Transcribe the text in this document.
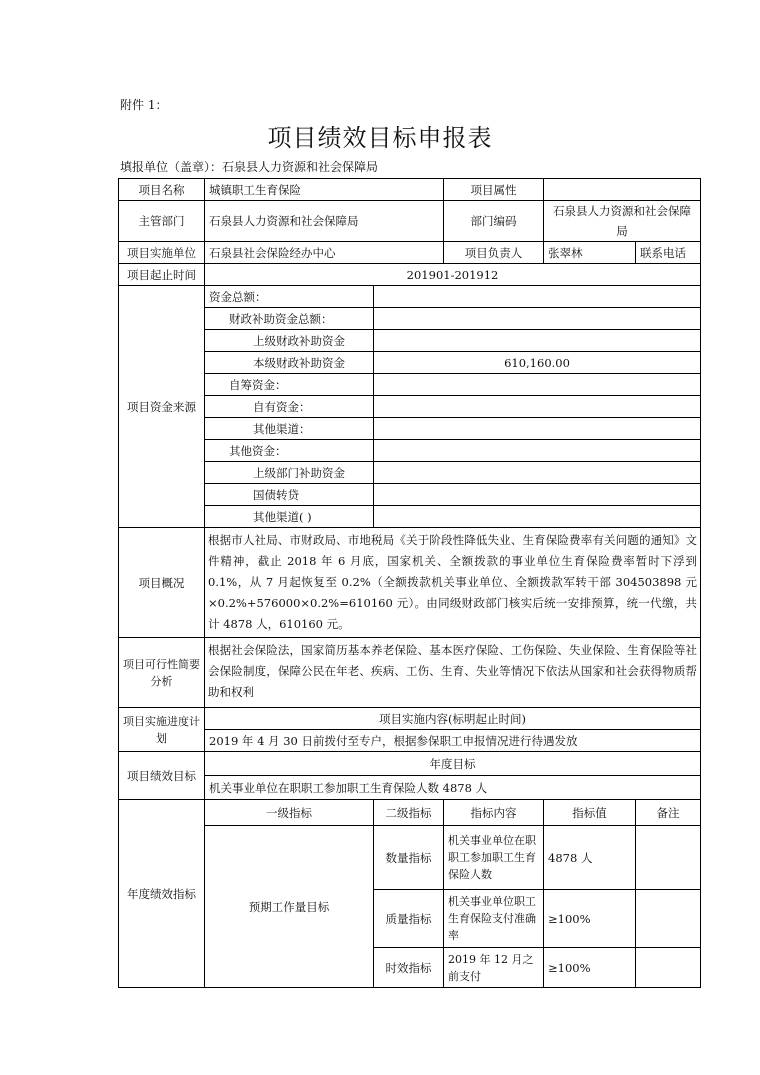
附件 1：
项目绩效目标申报表
填报单位（盖章）：石泉县人力资源和社会保障局
项目名称	城镇职工生育保险		项目属性		
主管部门	石泉县人力资源和社会保障局		部门编码	石泉县人力资源和社会保障局	
项目实施单位	石泉县社会保险经办中心		项目负责人	张翠林	联系电话
项目起止时间	201901-201912				
项目资金来源	资金总额：				
	财政补助资金总额：				
	上级财政补助资金				
	本级财政补助资金	610,160.00			
	自筹资金：				
	自有资金：				
	其他渠道：				
	其他资金：				
	上级部门补助资金				
	国债转贷				
	其他渠道( )				
项目概况	根据市人社局、市财政局、市地税局《关于阶段性降低失业、生育保险费率有关问题的通知》文件精神，截止 2018 年 6 月底，国家机关、全额拨款的事业单位生育保险费率暂时下浮到 0.1%，从 7 月起恢复至 0.2%（全额拨款机关事业单位、全额拨款军转干部 304503898 元×0.2%+576000×0.2%=610160 元）。由同级财政部门核实后统一安排预算，统一代缴，共计 4878 人，610160 元。				
项目可行性简要分析	根据社会保险法，国家简历基本养老保险、基本医疗保险、工伤保险、失业保险、生育保险等社会保险制度，保障公民在年老、疾病、工伤、生育、失业等情况下依法从国家和社会获得物质帮助和权利				
项目实施进度计划	项目实施内容(标明起止时间)				
	2019 年 4 月 30 日前拨付至专户，根据参保职工申报情况进行待遇发放				
项目绩效目标	年度目标				
	机关事业单位在职职工参加职工生育保险人数 4878 人				
年度绩效指标	一级指标	二级指标	指标内容	指标值	备注
	预期工作量目标	数量指标	机关事业单位在职职工参加职工生育保险人数	4878 人	
		质量指标	机关事业单位职工生育保险支付准确率	≥100%	
		时效指标	2019 年 12 月之前支付	≥100%	
